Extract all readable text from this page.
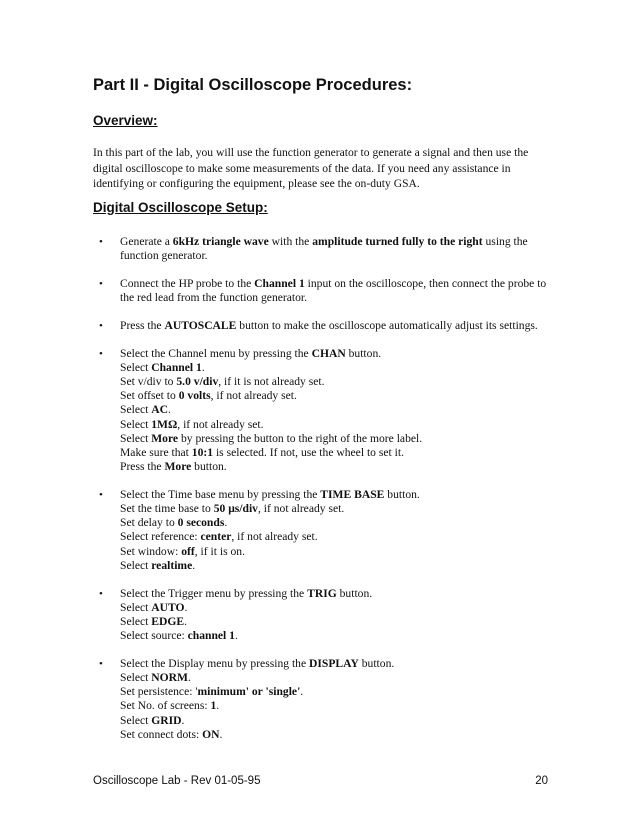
Part II - Digital Oscilloscope Procedures:
Overview:

In this part of the lab, you will use the function generator to generate a signal and then use the digital oscilloscope to make some measurements of the data. If you need any assistance in identifying or configuring the equipment, please see the on-duty GSA.

Digital Oscilloscope Setup:
• Generate a 6kHz triangle wave with the amplitude turned fully to the right using the function generator.
• Connect the HP probe to the Channel 1 input on the oscilloscope, then connect the probe to the red lead from the function generator.
• Press the AUTOSCALE button to make the oscilloscope automatically adjust its settings.
• Select the Channel menu by pressing the CHAN button.
Select Channel 1.
Set v/div to 5.0 v/div, if it is not already set.
Set offset to 0 volts, if not already set.
Select AC.
Select 1MΩ, if not already set.
Select More by pressing the button to the right of the more label.
Make sure that 10:1 is selected. If not, use the wheel to set it.
Press the More button.
• Select the Time base menu by pressing the TIME BASE button.
Set the time base to 50 μs/div, if not already set.
Set delay to 0 seconds.
Select reference: center, if not already set.
Set window: off, if it is on.
Select realtime.
• Select the Trigger menu by pressing the TRIG button.
Select AUTO.
Select EDGE.
Select source: channel 1.
• Select the Display menu by pressing the DISPLAY button.
Select NORM.
Set persistence: 'minimum' or 'single'.
Set No. of screens: 1.
Select GRID.
Set connect dots: ON.
Oscilloscope Lab - Rev 01-05-95	20
